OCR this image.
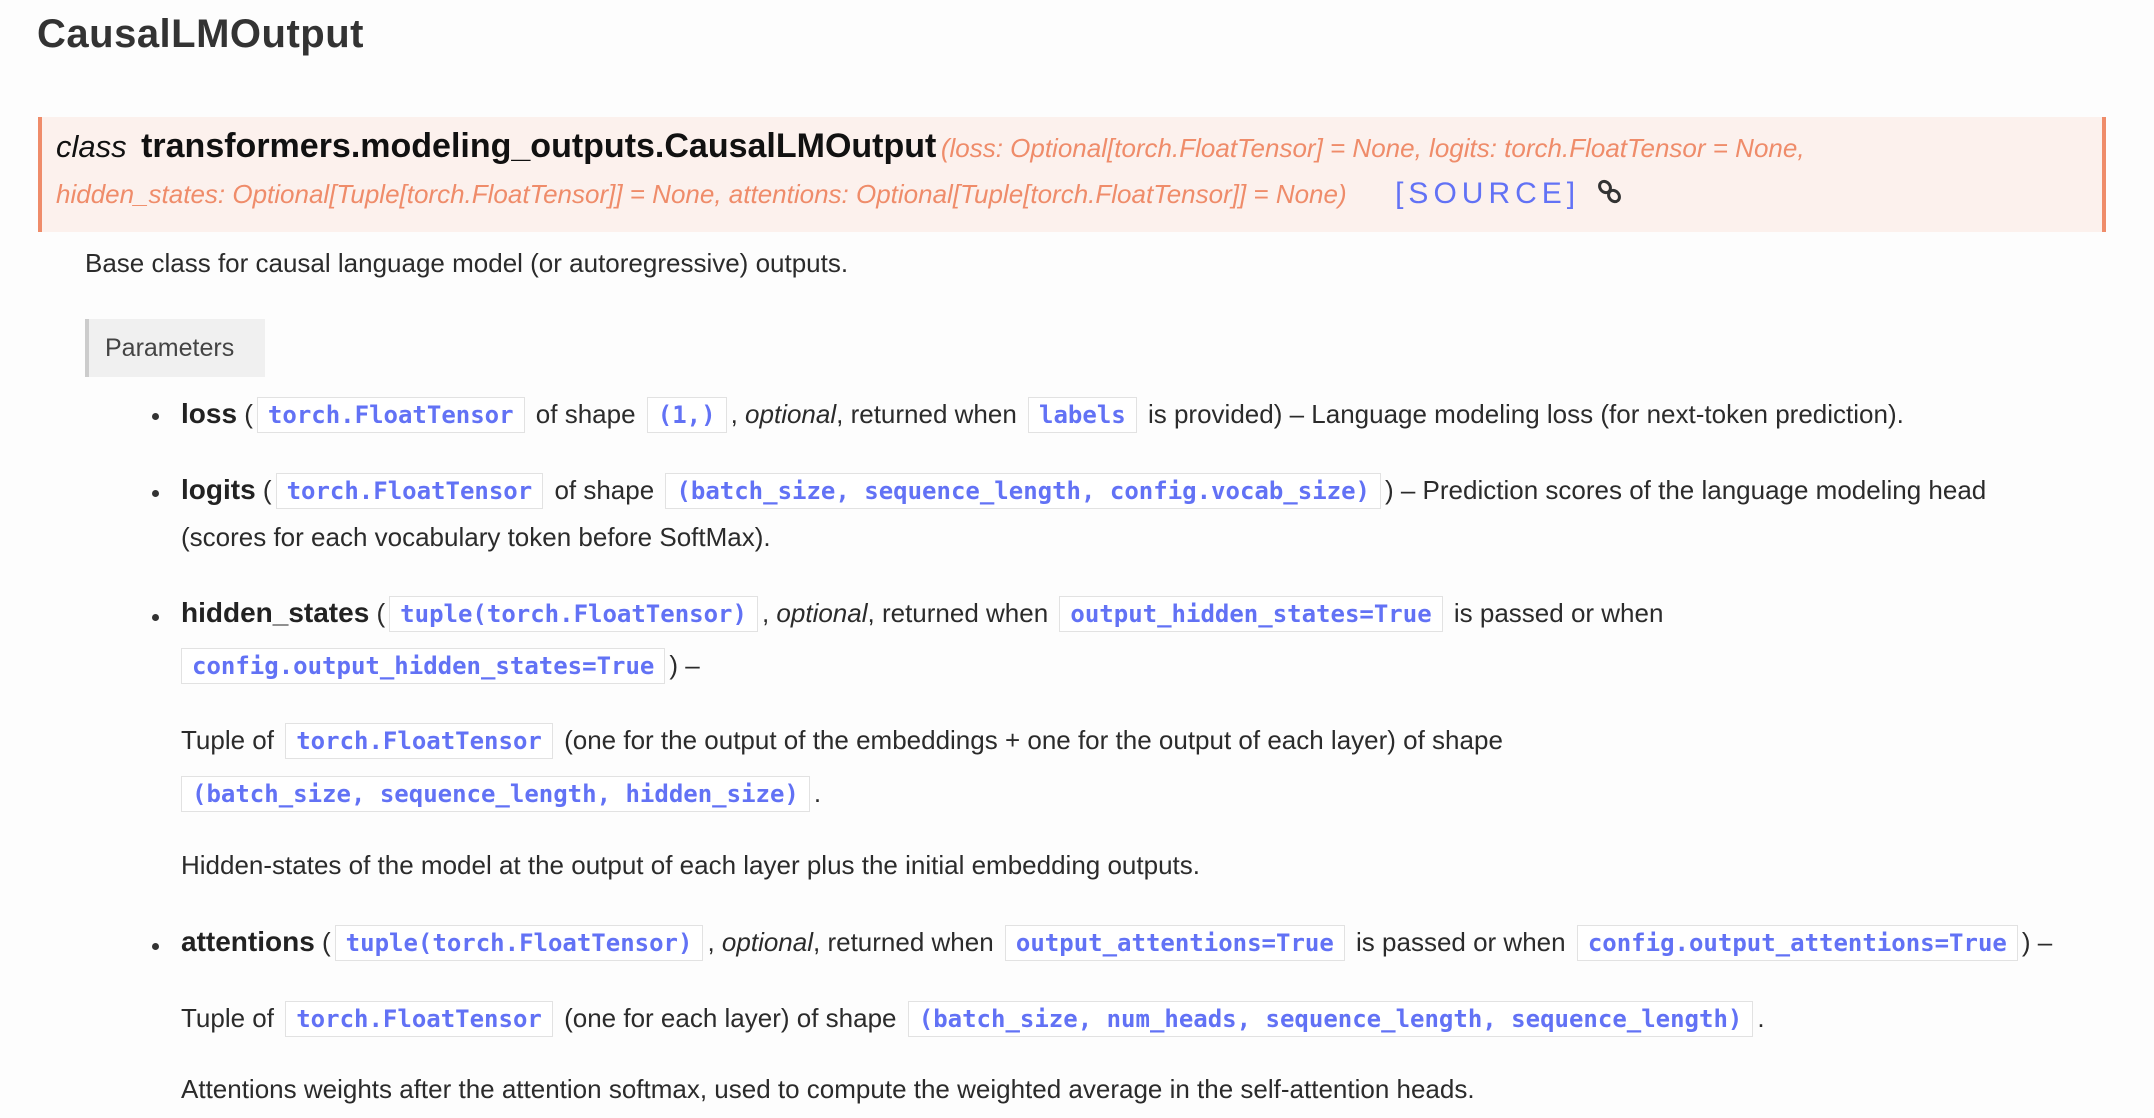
CausalLMOutput
class transformers.modeling_outputs.CausalLMOutput (loss: Optional[torch.FloatTensor] = None, logits: torch.FloatTensor = None,
hidden_states: Optional[Tuple[torch.FloatTensor]] = None, attentions: Optional[Tuple[torch.FloatTensor]] = None) [SOURCE]
Base class for causal language model (or autoregressive) outputs.
Parameters
loss ( torch.FloatTensor of shape (1,) , optional, returned when labels is provided) – Language modeling loss (for next-token prediction).
logits ( torch.FloatTensor of shape (batch_size, sequence_length, config.vocab_size) ) – Prediction scores of the language modeling head
(scores for each vocabulary token before SoftMax).
hidden_states ( tuple(torch.FloatTensor) , optional, returned when output_hidden_states=True is passed or when
config.output_hidden_states=True ) –
Tuple of torch.FloatTensor (one for the output of the embeddings + one for the output of each layer) of shape
(batch_size, sequence_length, hidden_size) .
Hidden-states of the model at the output of each layer plus the initial embedding outputs.
attentions ( tuple(torch.FloatTensor) , optional, returned when output_attentions=True is passed or when config.output_attentions=True ) –
Tuple of torch.FloatTensor (one for each layer) of shape (batch_size, num_heads, sequence_length, sequence_length) .
Attentions weights after the attention softmax, used to compute the weighted average in the self-attention heads.
